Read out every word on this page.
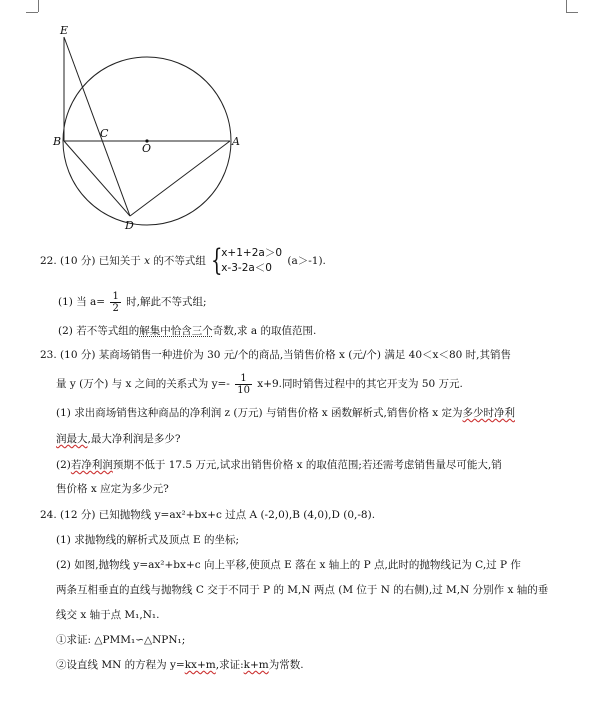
E
B
C
O
A
D
22. (10 分) 已知关于 x 的不等式组 {
x+1+2a＞0
x-3-2a＜0
(a＞-1).
(1) 当 $a= \frac{1}{2}$ 时,解此不等式组;
(2) 若不等式组的解集中恰含三个奇数,求 a 的取值范围.
23. (10 分) 某商场销售一种进价为 30 元/个的商品,当销售价格 x (元/个) 满足 40＜x＜80 时,其销售
量 y (万个) 与 x 之间的关系式为 $y=- \frac{1}{10} x+9$.同时销售过程中的其它开支为 50 万元.
(1) 求出商场销售这种商品的净利润 z (万元) 与销售价格 x 函数解析式,销售价格 x 定为多少时净利
润最大,最大净利润是多少?
(2)若净利润预期不低于 17.5 万元,试求出销售价格 x 的取值范围;若还需考虑销售量尽可能大,销
售价格 x 应定为多少元?
24. (12 分) 已知抛物线 y=ax²+bx+c 过点 A (-2,0),B (4,0),D (0,-8).
(1) 求抛物线的解析式及顶点 E 的坐标;
(2) 如图,抛物线 y=ax²+bx+c 向上平移,使顶点 E 落在 x 轴上的 P 点,此时的抛物线记为 C,过 P 作
两条互相垂直的直线与抛物线 C 交于不同于 P 的 M,N 两点 (M 位于 N 的右侧),过 M,N 分别作 x 轴的垂
线交 x 轴于点 M₁,N₁.
①求证: △PMM₁∽△NPN₁;
②设直线 MN 的方程为 y=kx+m,求证:k+m为常数.
